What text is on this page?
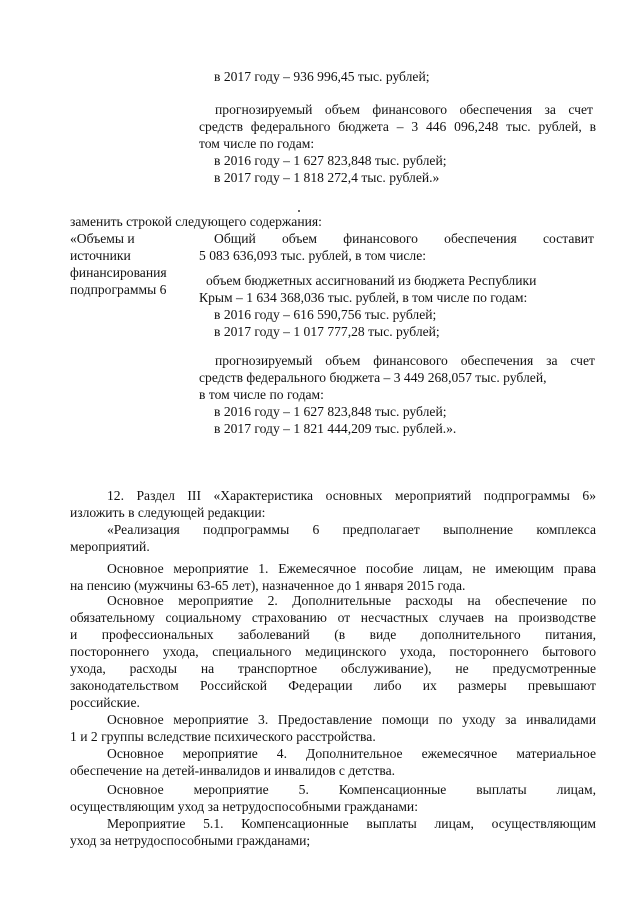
в 2017 году – 936 996,45 тыс. рублей;
прогнозируемый объем финансового обеспечения за счет
средств федерального бюджета – 3 446 096,248 тыс. рублей, в
том числе по годам:
в 2016 году – 1 627 823,848 тыс. рублей;
в 2017 году – 1 818 272,4 тыс. рублей.»
заменить строкой следующего содержания:
«Объемы и
источники
финансирования
подпрограммы 6
Общий объем финансового обеспечения составит
5 083 636,093 тыс. рублей, в том числе:
объем бюджетных ассигнований из бюджета Республики
Крым – 1 634 368,036 тыс. рублей, в том числе по годам:
в 2016 году – 616 590,756 тыс. рублей;
в 2017 году – 1 017 777,28 тыс. рублей;
прогнозируемый объем финансового обеспечения за счет
средств федерального бюджета – 3 449 268,057 тыс. рублей,
в том числе по годам:
в 2016 году – 1 627 823,848 тыс. рублей;
в 2017 году – 1 821 444,209 тыс. рублей.».
12. Раздел III «Характеристика основных мероприятий подпрограммы 6»
изложить в следующей редакции:
«Реализация подпрограммы 6 предполагает выполнение комплекса
мероприятий.
Основное мероприятие 1. Ежемесячное пособие лицам, не имеющим права
на пенсию (мужчины 63-65 лет), назначенное до 1 января 2015 года.
Основное мероприятие 2. Дополнительные расходы на обеспечение по
обязательному социальному страхованию от несчастных случаев на производстве
и профессиональных заболеваний (в виде дополнительного питания,
постороннего ухода, специального медицинского ухода, постороннего бытового
ухода, расходы на транспортное обслуживание), не предусмотренные
законодательством Российской Федерации либо их размеры превышают
российские.
Основное мероприятие 3. Предоставление помощи по уходу за инвалидами
1 и 2 группы вследствие психического расстройства.
Основное мероприятие 4. Дополнительное ежемесячное материальное
обеспечение на детей-инвалидов и инвалидов с детства.
Основное мероприятие 5. Компенсационные выплаты лицам,
осуществляющим уход за нетрудоспособными гражданами:
Мероприятие 5.1. Компенсационные выплаты лицам, осуществляющим
уход за нетрудоспособными гражданами;
